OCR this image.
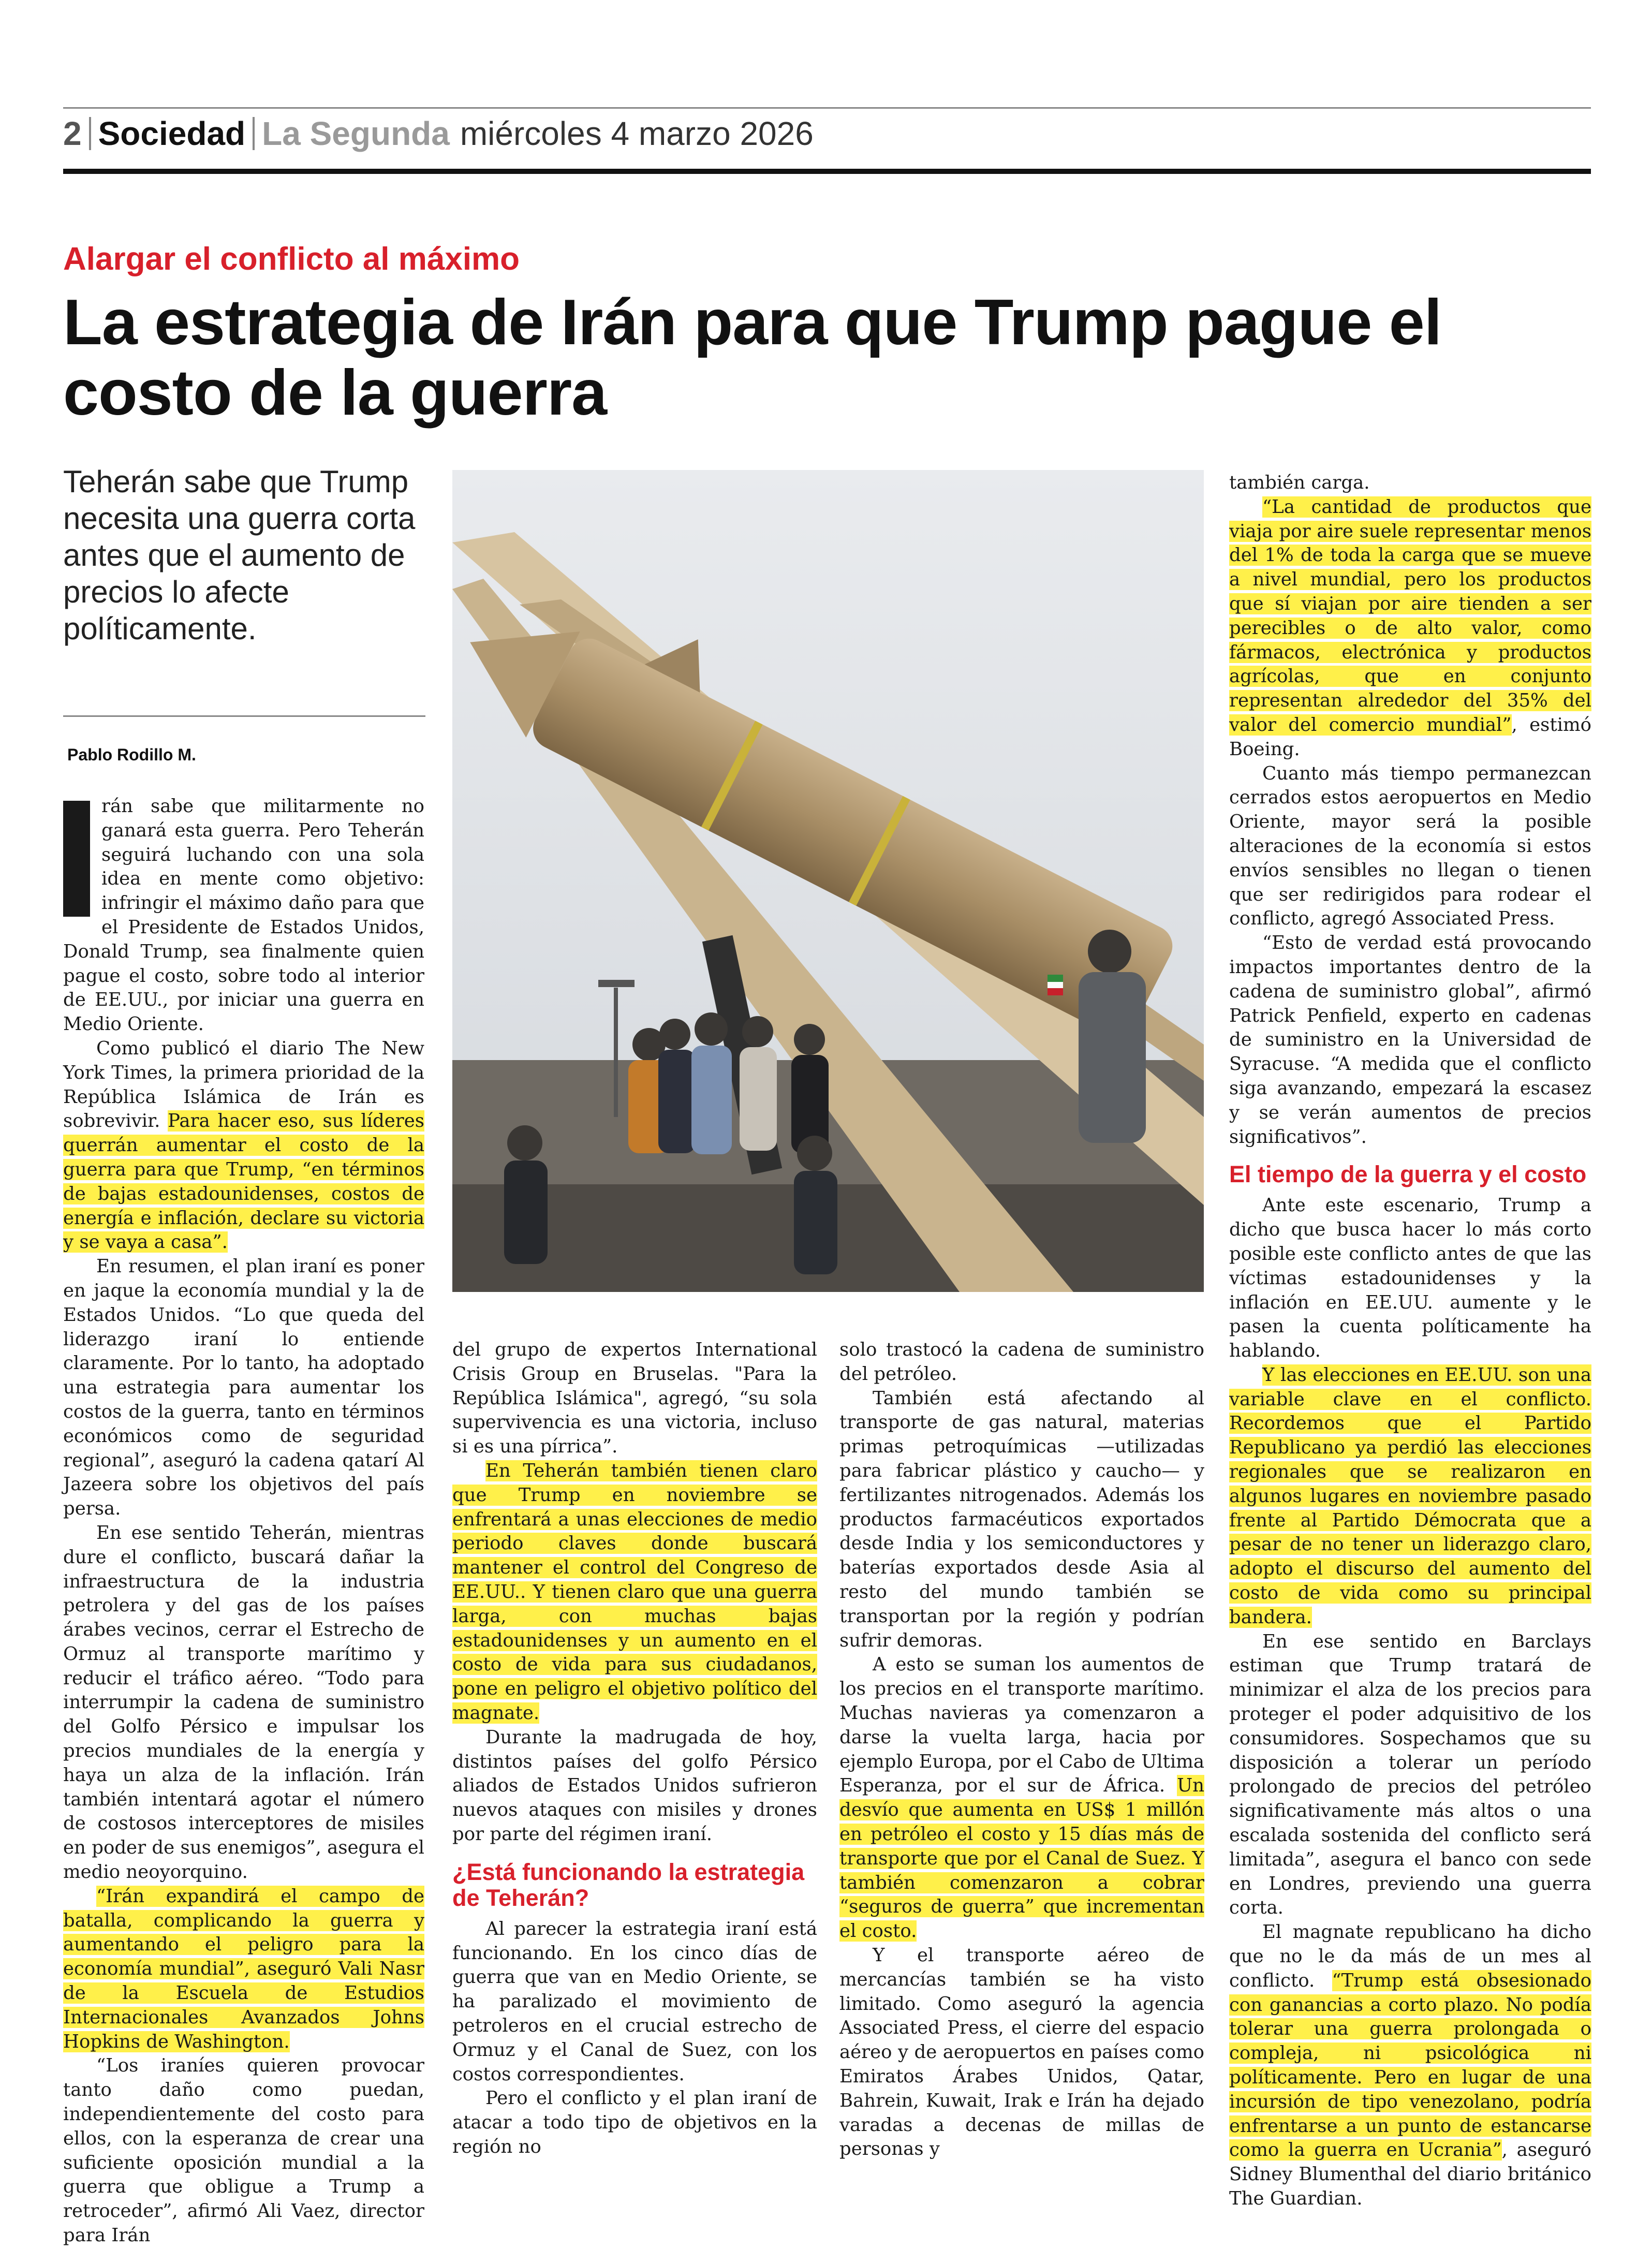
2 Sociedad La Segunda miércoles 4 marzo 2026
Alargar el conflicto al máximo
La estrategia de Irán para que Trump pague el costo de la guerra
Teherán sabe que Trump necesita una guerra corta antes que el aumento de precios lo afecte políticamente.
Pablo Rodillo M.

rán sabe que militarmente no ganará esta guerra. Pero Teherán seguirá luchando con una sola idea en mente como objetivo: infringir el máximo daño para que el Presidente de Estados Unidos, Donald Trump, sea finalmente quien pague el costo, sobre todo al interior de EE.UU., por iniciar una guerra en Medio Oriente.

Como publicó el diario The New York Times, la primera prioridad de la República Islámica de Irán es sobrevivir. Para hacer eso, sus líderes querrán aumentar el costo de la guerra para que Trump, “en términos de bajas estadounidenses, costos de energía e inflación, declare su victoria y se vaya a casa”.

En resumen, el plan iraní es poner en jaque la economía mundial y la de Estados Unidos. “Lo que queda del liderazgo iraní lo entiende claramente. Por lo tanto, ha adoptado una estrategia para aumentar los costos de la guerra, tanto en términos económicos como de seguridad regional”, aseguró la cadena qatarí Al Jazeera sobre los objetivos del país persa.

En ese sentido Teherán, mientras dure el conflicto, buscará dañar la infraestructura de la industria petrolera y del gas de los países árabes vecinos, cerrar el Estrecho de Ormuz al transporte marítimo y reducir el tráfico aéreo. “Todo para interrumpir la cadena de suministro del Golfo Pérsico e impulsar los precios mundiales de la energía y haya un alza de la inflación. Irán también intentará agotar el número de costosos interceptores de misiles en poder de sus enemigos”, asegura el medio neoyorquino.

“Irán expandirá el campo de batalla, complicando la guerra y aumentando el peligro para la economía mundial”, aseguró Vali Nasr de la Escuela de Estudios Internacionales Avanzados Johns Hopkins de Washington.

“Los iraníes quieren provocar tanto daño como puedan, independientemente del costo para ellos, con la esperanza de crear una suficiente oposición mundial a la guerra que obligue a Trump a retroceder”, afirmó Ali Vaez, director para Irán

del grupo de expertos International Crisis Group en Bruselas. "Para la República Islámica", agregó, “su sola supervivencia es una victoria, incluso si es una pírrica”.

En Teherán también tienen claro que Trump en noviembre se enfrentará a unas elecciones de medio periodo claves donde buscará mantener el control del Congreso de EE.UU.. Y tienen claro que una guerra larga, con muchas bajas estadounidenses y un aumento en el costo de vida para sus ciudadanos, pone en peligro el objetivo político del magnate.

Durante la madrugada de hoy, distintos países del golfo Pérsico aliados de Estados Unidos sufrieron nuevos ataques con misiles y drones por parte del régimen iraní.

¿Está funcionando la estrategia de Teherán?

Al parecer la estrategia iraní está funcionando. En los cinco días de guerra que van en Medio Oriente, se ha paralizado el movimiento de petroleros en el crucial estrecho de Ormuz y el Canal de Suez, con los costos correspondientes.

Pero el conflicto y el plan iraní de atacar a todo tipo de objetivos en la región no

solo trastocó la cadena de suministro del petróleo.

También está afectando al transporte de gas natural, materias primas petroquímicas —utilizadas para fabricar plástico y caucho— y fertilizantes nitrogenados. Además los productos farmacéuticos exportados desde India y los semiconductores y baterías exportados desde Asia al resto del mundo también se transportan por la región y podrían sufrir demoras.

A esto se suman los aumentos de los precios en el transporte marítimo. Muchas navieras ya comenzaron a darse la vuelta larga, hacia por ejemplo Europa, por el Cabo de Ultima Esperanza, por el sur de África. Un desvío que aumenta en US$ 1 millón en petróleo el costo y 15 días más de transporte que por el Canal de Suez. Y también comenzaron a cobrar “seguros de guerra” que incrementan el costo.

Y el transporte aéreo de mercancías también se ha visto limitado. Como aseguró la agencia Associated Press, el cierre del espacio aéreo y de aeropuertos en países como Emiratos Árabes Unidos, Qatar, Bahrein, Kuwait, Irak e Irán ha dejado varadas a decenas de millas de personas y

también carga.

“La cantidad de productos que viaja por aire suele representar menos del 1% de toda la carga que se mueve a nivel mundial, pero los productos que sí viajan por aire tienden a ser perecibles o de alto valor, como fármacos, electrónica y productos agrícolas, que en conjunto representan alrededor del 35% del valor del comercio mundial”, estimó Boeing.

Cuanto más tiempo permanezcan cerrados estos aeropuertos en Medio Oriente, mayor será la posible alteraciones de la economía si estos envíos sensibles no llegan o tienen que ser redirigidos para rodear el conflicto, agregó Associated Press.

“Esto de verdad está provocando impactos importantes dentro de la cadena de suministro global”, afirmó Patrick Penfield, experto en cadenas de suministro en la Universidad de Syracuse. “A medida que el conflicto siga avanzando, empezará la escasez y se verán aumentos de precios significativos”.

El tiempo de la guerra y el costo

Ante este escenario, Trump a dicho que busca hacer lo más corto posible este conflicto antes de que las víctimas estadounidenses y la inflación en EE.UU. aumente y le pasen la cuenta políticamente ha hablando.

Y las elecciones en EE.UU. son una variable clave en el conflicto. Recordemos que el Partido Republicano ya perdió las elecciones regionales que se realizaron en algunos lugares en noviembre pasado frente al Partido Démocrata que a pesar de no tener un liderazgo claro, adopto el discurso del aumento del costo de vida como su principal bandera.

En ese sentido en Barclays estiman que Trump tratará de minimizar el alza de los precios para proteger el poder adquisitivo de los consumidores. Sospechamos que su disposición a tolerar un período prolongado de precios del petróleo significativamente más altos o una escalada sostenida del conflicto será limitada”, asegura el banco con sede en Londres, previendo una guerra corta.

El magnate republicano ha dicho que no le da más de un mes al conflicto. “Trump está obsesionado con ganancias a corto plazo. No podía tolerar una guerra prolongada o compleja, ni psicológica ni políticamente. Pero en lugar de una incursión de tipo venezolano, podría enfrentarse a un punto de estancarse como la guerra en Ucrania”, aseguró Sidney Blumenthal del diario británico The Guardian.
